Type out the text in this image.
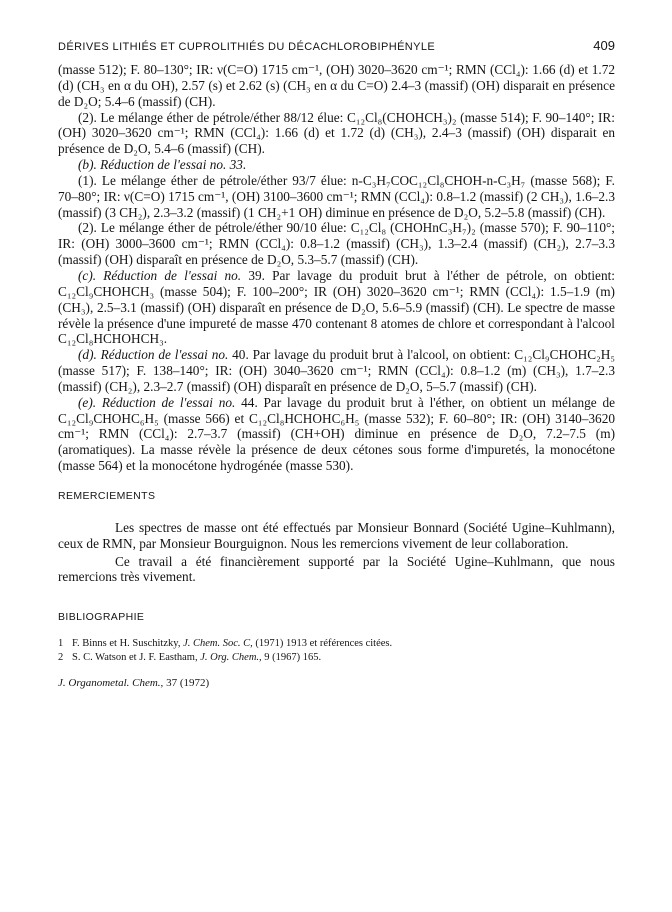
DÉRIVES LITHIÉS ET CUPROLITHIÉS DU DÉCACHLOROBIPHÉNYLE	409

(masse 512); F. 80–130°; IR: ν(C=O) 1715 cm⁻¹, (OH) 3020–3620 cm⁻¹; RMN (CCl₄): 1.66 (d) et 1.72 (d) (CH₃ en α du OH), 2.57 (s) et 2.62 (s) (CH₃ en α du C=O) 2.4–3 (massif) (OH) disparait en présence de D₂O; 5.4–6 (massif) (CH).

(2). Le mélange éther de pétrole/éther 88/12 élue: C₁₂Cl₈(CHOHCH₃)₂ (masse 514); F. 90–140°; IR: (OH) 3020–3620 cm⁻¹; RMN (CCl₄): 1.66 (d) et 1.72 (d) (CH₃), 2.4–3 (massif) (OH) disparait en présence de D₂O, 5.4–6 (massif) (CH).

(b). Réduction de l'essai no. 33.

(1). Le mélange éther de pétrole/éther 93/7 élue: n-C₃H₇COC₁₂Cl₈CHOH-n-C₃H₇ (masse 568); F. 70–80°; IR: ν(C=O) 1715 cm⁻¹, (OH) 3100–3600 cm⁻¹; RMN (CCl₄): 0.8–1.2 (massif) (2 CH₃), 1.6–2.3 (massif) (3 CH₂), 2.3–3.2 (massif) (1 CH₂+1 OH) diminue en présence de D₂O, 5.2–5.8 (massif) (CH).

(2). Le mélange éther de pétrole/éther 90/10 élue: C₁₂Cl₈ (CHOHnC₃H₇)₂ (masse 570); F. 90–110°; IR: (OH) 3000–3600 cm⁻¹; RMN (CCl₄): 0.8–1.2 (massif) (CH₃), 1.3–2.4 (massif) (CH₂), 2.7–3.3 (massif) (OH) disparaît en présence de D₂O, 5.3–5.7 (massif) (CH).

(c). Réduction de l'essai no. 39. Par lavage du produit brut à l'éther de pétrole, on obtient: C₁₂Cl₉CHOHCH₃ (masse 504); F. 100–200°; IR (OH) 3020–3620 cm⁻¹; RMN (CCl₄): 1.5–1.9 (m) (CH₃), 2.5–3.1 (massif) (OH) disparaît en présence de D₂O, 5.6–5.9 (massif) (CH). Le spectre de masse révèle la présence d'une impureté de masse 470 contenant 8 atomes de chlore et correspondant à l'alcool C₁₂Cl₈HCHOHCH₃.

(d). Réduction de l'essai no. 40. Par lavage du produit brut à l'alcool, on obtient: C₁₂Cl₉CHOHC₂H₅ (masse 517); F. 138–140°; IR: (OH) 3040–3620 cm⁻¹; RMN (CCl₄): 0.8–1.2 (m) (CH₃), 1.7–2.3 (massif) (CH₂), 2.3–2.7 (massif) (OH) disparaît en présence de D₂O, 5–5.7 (massif) (CH).

(e). Réduction de l'essai no. 44. Par lavage du produit brut à l'éther, on obtient un mélange de C₁₂Cl₉CHOHC₆H₅ (masse 566) et C₁₂Cl₈HCHOHC₆H₅ (masse 532); F. 60–80°; IR: (OH) 3140–3620 cm⁻¹; RMN (CCl₄): 2.7–3.7 (massif) (CH+OH) diminue en présence de D₂O, 7.2–7.5 (m) (aromatiques). La masse révèle la présence de deux cétones sous forme d'impuretés, la monocétone (masse 564) et la monocétone hydrogénée (masse 530).

REMERCIEMENTS

Les spectres de masse ont été effectués par Monsieur Bonnard (Société Ugine–Kuhlmann), ceux de RMN, par Monsieur Bourguignon. Nous les remercions vivement de leur collaboration.

Ce travail a été financièrement supporté par la Société Ugine–Kuhlmann, que nous remercions très vivement.

BIBLIOGRAPHIE
1 F. Binns et H. Suschitzky, J. Chem. Soc. C, (1971) 1913 et références citées.
2 S. C. Watson et J. F. Eastham, J. Org. Chem., 9 (1967) 165.
J. Organometal. Chem., 37 (1972)
